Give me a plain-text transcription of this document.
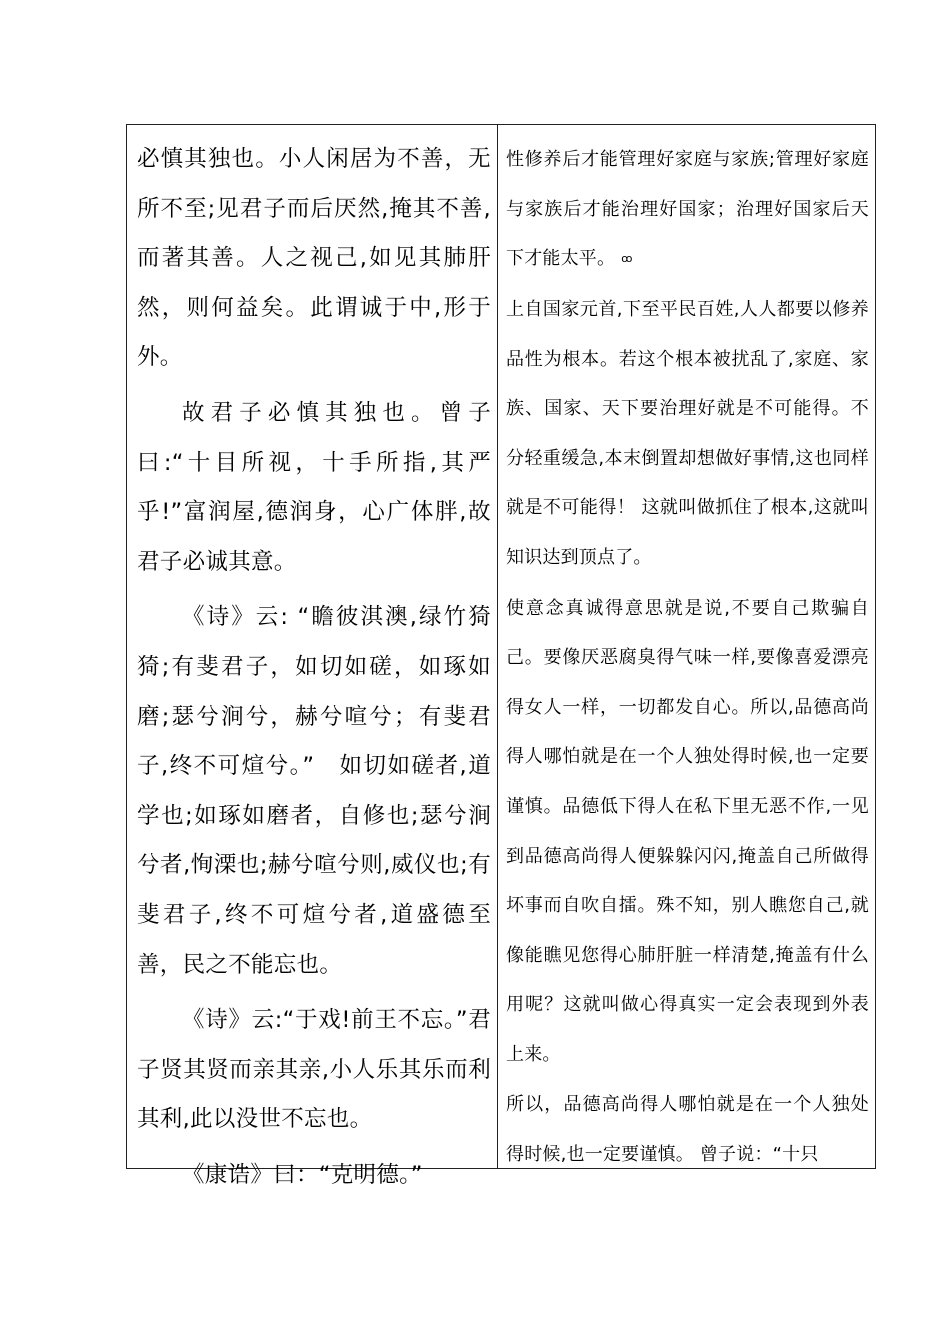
必慎其独也。小人闲居为不善，无所不至;见君子而后厌然,掩其不善,而著其善。人之视己,如见其肺肝然，则何益矣。此谓诚于中,形于外。

故君子必慎其独也。曾子曰:“十目所视，十手所指,其严乎!”富润屋,德润身，心广体胖,故君子必诚其意。

《诗》云: “瞻彼淇澳,绿竹猗猗;有斐君子，如切如磋，如琢如磨;瑟兮涧兮，赫兮喧兮；有斐君子,终不可煊兮。”　如切如磋者,道学也;如琢如磨者，自修也;瑟兮涧兮者,恂溧也;赫兮喧兮则,威仪也;有斐君子,终不可煊兮者,道盛德至善，民之不能忘也。

《诗》云:“于戏!前王不忘。”君子贤其贤而亲其亲,小人乐其乐而利其利,此以没世不忘也。

《康诰》曰：“克明德。”

性修养后才能管理好家庭与家族;管理好家庭与家族后才能治理好国家；治理好国家后天下才能太平。 ꝏ

上自国家元首,下至平民百姓,人人都要以修养品性为根本。若这个根本被扰乱了,家庭、家族、国家、天下要治理好就是不可能得。不分轻重缓急,本末倒置却想做好事情,这也同样就是不可能得！ 这就叫做抓住了根本,这就叫知识达到顶点了。

使意念真诚得意思就是说,不要自己欺骗自己。要像厌恶腐臭得气味一样,要像喜爱漂亮得女人一样，一切都发自心。所以,品德高尚得人哪怕就是在一个人独处得时候,也一定要谨慎。品德低下得人在私下里无恶不作,一见到品德高尚得人便躲躲闪闪,掩盖自己所做得坏事而自吹自擂。殊不知，别人瞧您自己,就像能瞧见您得心肺肝脏一样清楚,掩盖有什么用呢？这就叫做心得真实一定会表现到外表上来。

所以，品德高尚得人哪怕就是在一个人独处得时候,也一定要谨慎。 曾子说：“十只
